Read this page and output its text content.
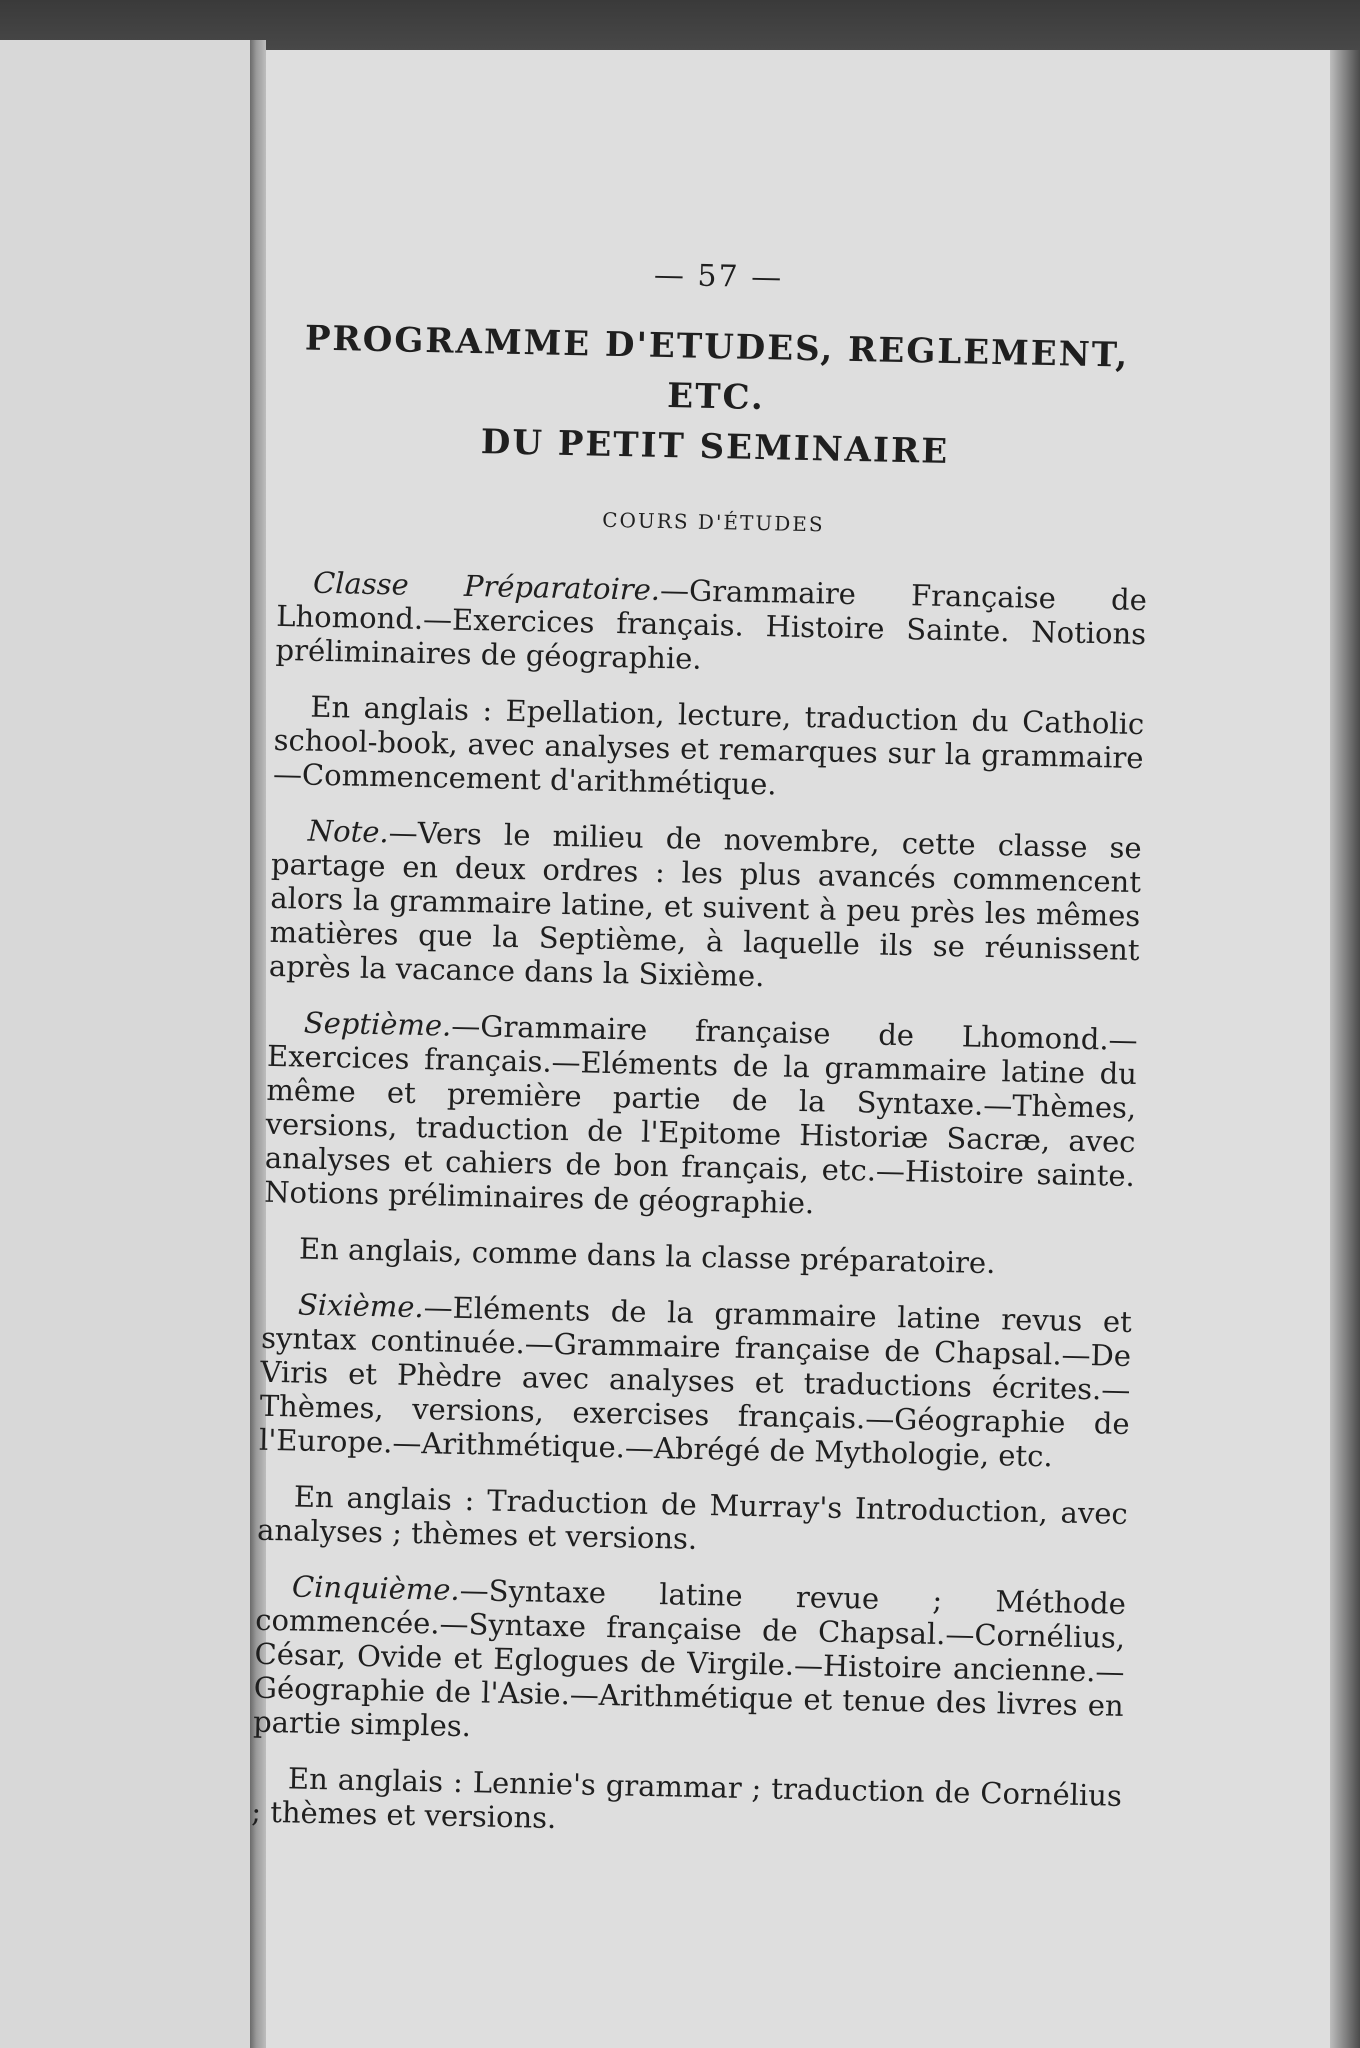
— 57 —
PROGRAMME D'ETUDES, REGLEMENT, ETC.
DU PETIT SEMINAIRE
COURS D'ÉTUDES

Classe Préparatoire.—Grammaire Française de Lhomond.—Exercices français. Histoire Sainte. Notions préliminaires de géographie.

En anglais : Epellation, lecture, traduction du Catholic school-book, avec analyses et remarques sur la grammaire—Commencement d'arithmétique.

Note.—Vers le milieu de novembre, cette classe se partage en deux ordres : les plus avancés commencent alors la grammaire latine, et suivent à peu près les mêmes matières que la Septième, à laquelle ils se réunissent après la vacance dans la Sixième.

Septième.—Grammaire française de Lhomond.—Exercices français.—Eléments de la grammaire latine du même et première partie de la Syntaxe.—Thèmes, versions, traduction de l'Epitome Historiæ Sacræ, avec analyses et cahiers de bon français, etc.—Histoire sainte. Notions préliminaires de géographie.

En anglais, comme dans la classe préparatoire.

Sixième.—Eléments de la grammaire latine revus et syntax continuée.—Grammaire française de Chapsal.—De Viris et Phèdre avec analyses et traductions écrites.—Thèmes, versions, exercises français.—Géographie de l'Europe.—Arithmétique.—Abrégé de Mythologie, etc.

En anglais : Traduction de Murray's Introduction, avec analyses ; thèmes et versions.

Cinquième.—Syntaxe latine revue ; Méthode commencée.—Syntaxe française de Chapsal.—Cornélius, César, Ovide et Eglogues de Virgile.—Histoire ancienne.—Géographie de l'Asie.—Arithmétique et tenue des livres en partie simples.

En anglais : Lennie's grammar ; traduction de Cornélius ; thèmes et versions.
